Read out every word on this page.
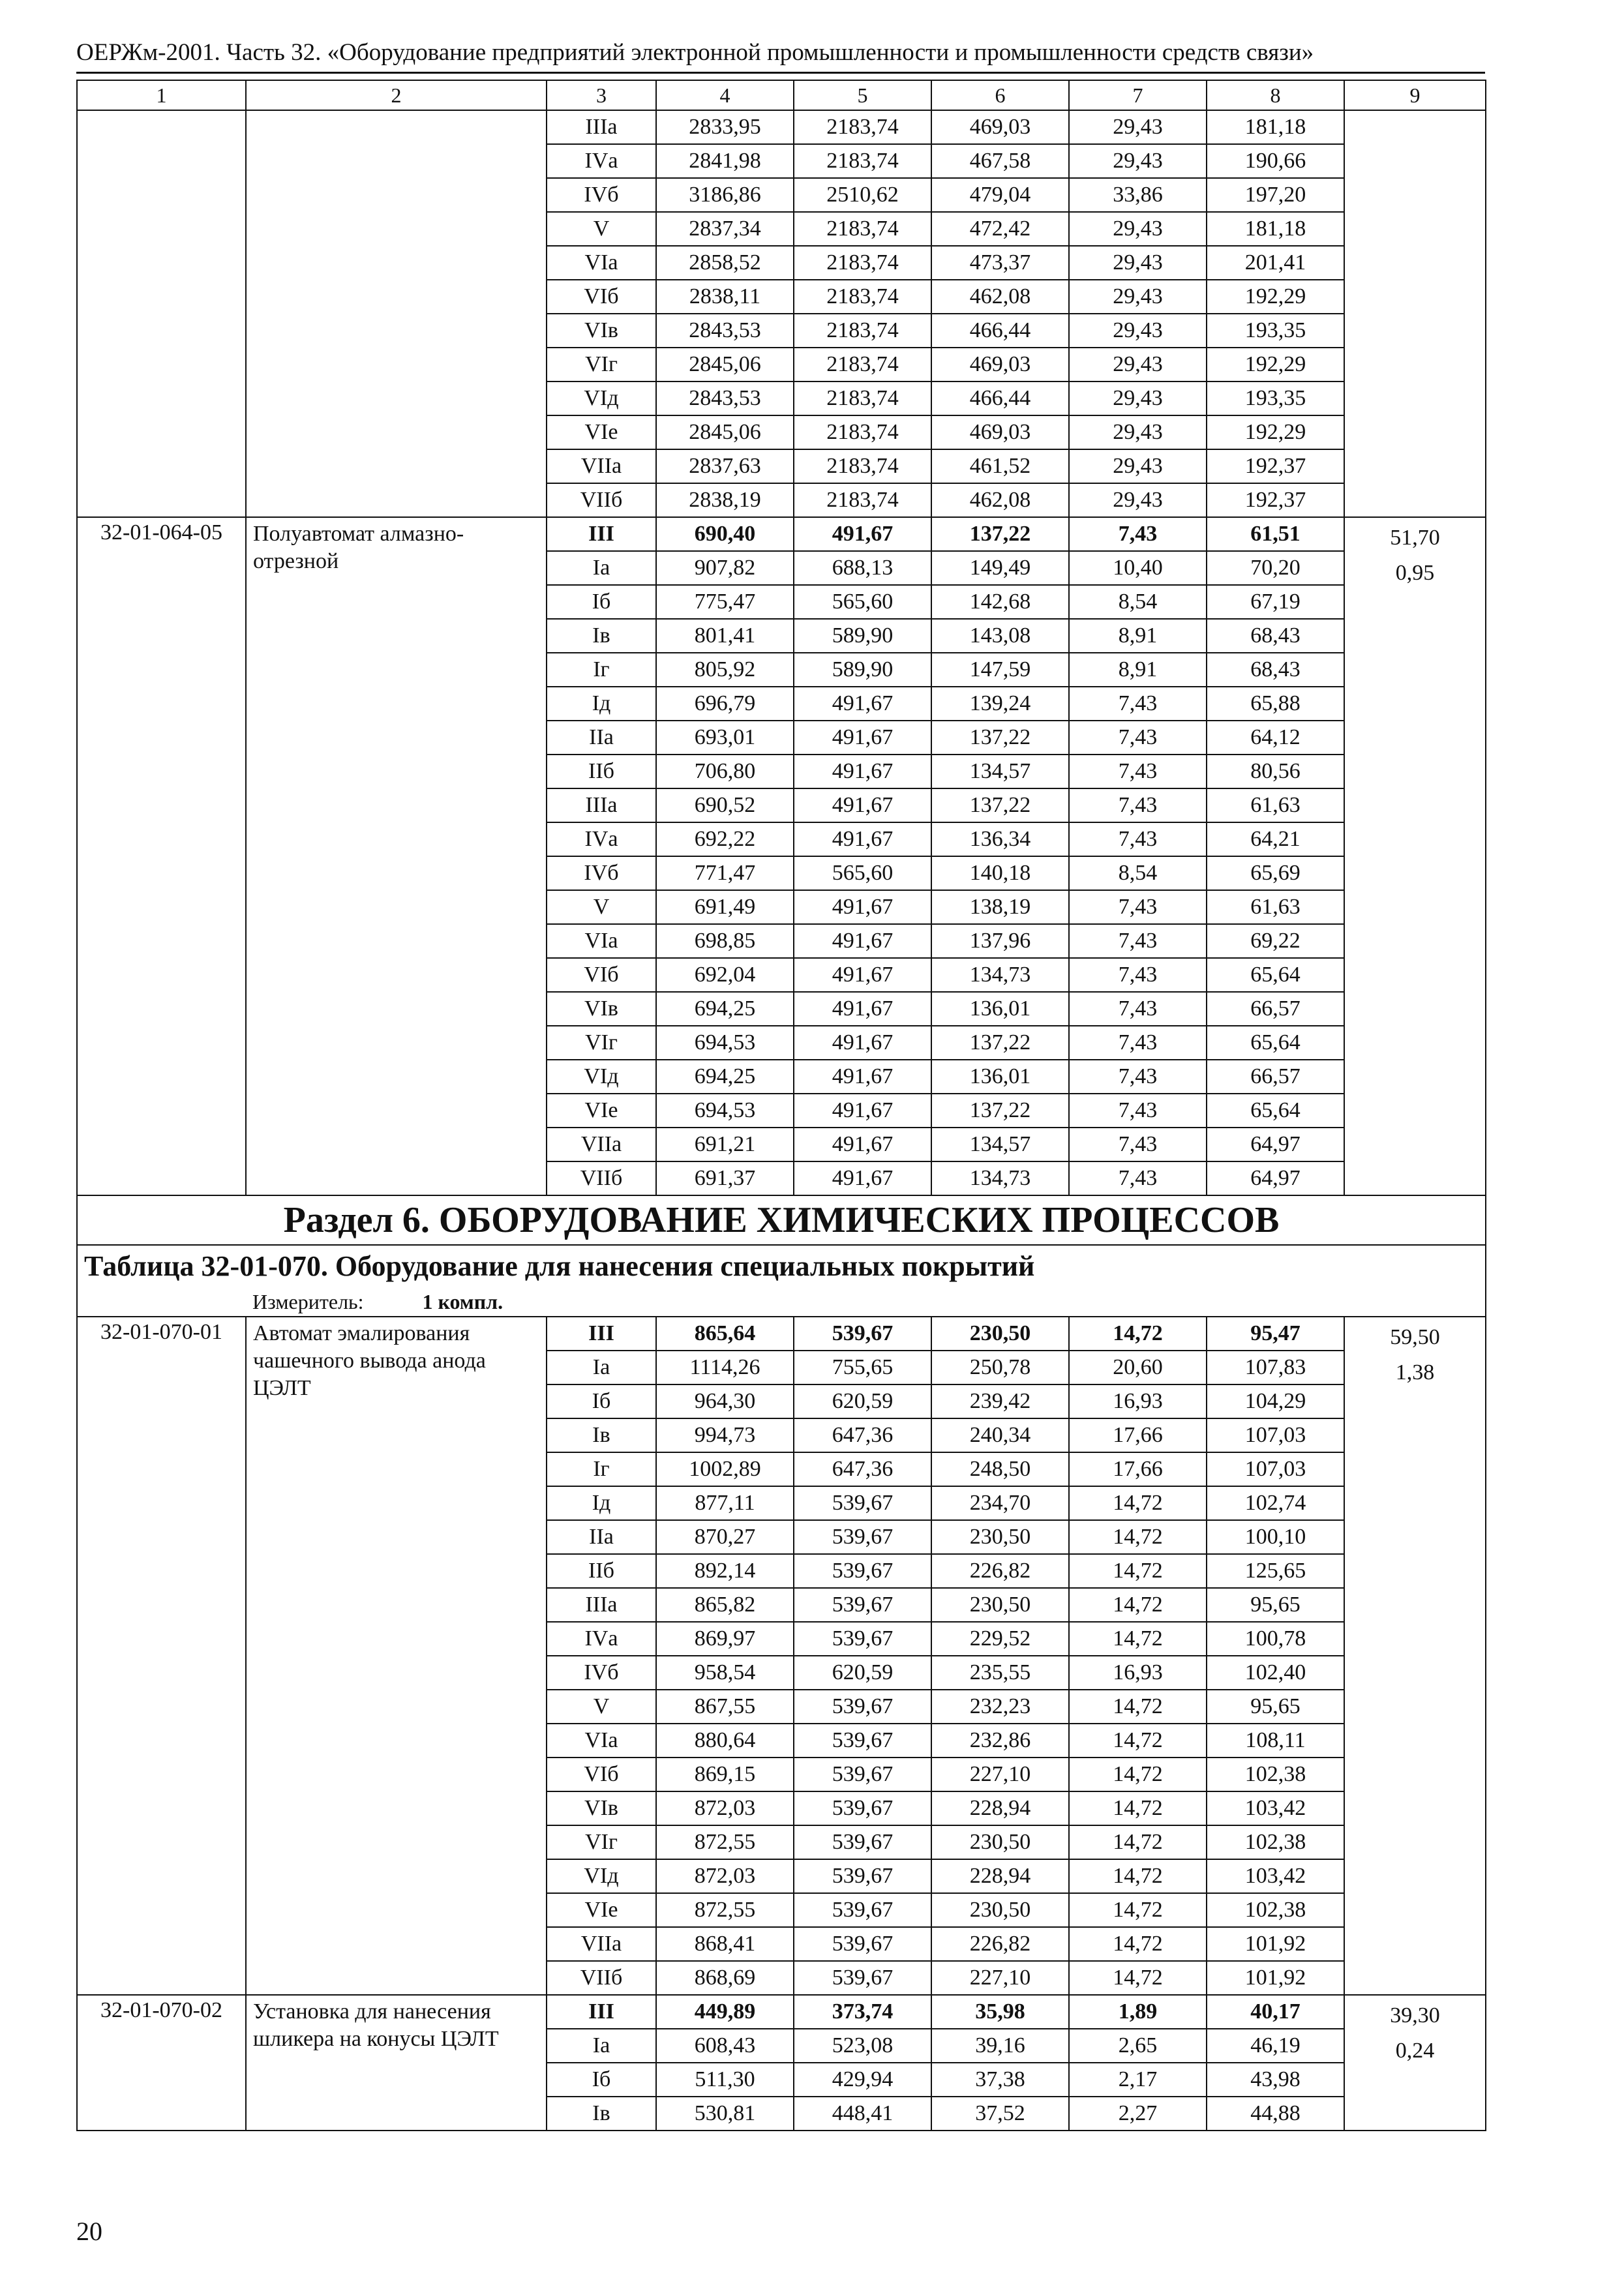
ОЕРЖм-2001. Часть 32. «Оборудование предприятий электронной промышленности и промышленности средств связи»
1	2	3	4	5	6	7	8	9
		IIIа	2833,95	2183,74	469,03	29,43	181,18	
		IVа	2841,98	2183,74	467,58	29,43	190,66	
		IVб	3186,86	2510,62	479,04	33,86	197,20	
		V	2837,34	2183,74	472,42	29,43	181,18	
		VIа	2858,52	2183,74	473,37	29,43	201,41	
		VIб	2838,11	2183,74	462,08	29,43	192,29	
		VIв	2843,53	2183,74	466,44	29,43	193,35	
		VIг	2845,06	2183,74	469,03	29,43	192,29	
		VIд	2843,53	2183,74	466,44	29,43	193,35	
		VIе	2845,06	2183,74	469,03	29,43	192,29	
		VIIа	2837,63	2183,74	461,52	29,43	192,37	
		VIIб	2838,19	2183,74	462,08	29,43	192,37	
32-01-064-05	Полуавтомат алмазно-отрезной	III	690,40	491,67	137,22	7,43	61,51	51,70
0,95

		Iа	907,82	688,13	149,49	10,40	70,20	
		Iб	775,47	565,60	142,68	8,54	67,19	
		Iв	801,41	589,90	143,08	8,91	68,43	
		Iг	805,92	589,90	147,59	8,91	68,43	
		Iд	696,79	491,67	139,24	7,43	65,88	
		IIа	693,01	491,67	137,22	7,43	64,12	
		IIб	706,80	491,67	134,57	7,43	80,56	
		IIIа	690,52	491,67	137,22	7,43	61,63	
		IVа	692,22	491,67	136,34	7,43	64,21	
		IVб	771,47	565,60	140,18	8,54	65,69	
		V	691,49	491,67	138,19	7,43	61,63	
		VIа	698,85	491,67	137,96	7,43	69,22	
		VIб	692,04	491,67	134,73	7,43	65,64	
		VIв	694,25	491,67	136,01	7,43	66,57	
		VIг	694,53	491,67	137,22	7,43	65,64	
		VIд	694,25	491,67	136,01	7,43	66,57	
		VIе	694,53	491,67	137,22	7,43	65,64	
		VIIа	691,21	491,67	134,57	7,43	64,97	
		VIIб	691,37	491,67	134,73	7,43	64,97	
Раздел 6. ОБОРУДОВАНИЕ ХИМИЧЕСКИХ ПРОЦЕССОВ								
Таблица 32-01-070. Оборудование для нанесения специальных покрытий								
Измеритель: 1 компл.								
32-01-070-01	Автомат эмалирования чашечного вывода анода ЦЭЛТ	III	865,64	539,67	230,50	14,72	95,47	59,50
1,38

		Iа	1114,26	755,65	250,78	20,60	107,83	
		Iб	964,30	620,59	239,42	16,93	104,29	
		Iв	994,73	647,36	240,34	17,66	107,03	
		Iг	1002,89	647,36	248,50	17,66	107,03	
		Iд	877,11	539,67	234,70	14,72	102,74	
		IIа	870,27	539,67	230,50	14,72	100,10	
		IIб	892,14	539,67	226,82	14,72	125,65	
		IIIа	865,82	539,67	230,50	14,72	95,65	
		IVа	869,97	539,67	229,52	14,72	100,78	
		IVб	958,54	620,59	235,55	16,93	102,40	
		V	867,55	539,67	232,23	14,72	95,65	
		VIа	880,64	539,67	232,86	14,72	108,11	
		VIб	869,15	539,67	227,10	14,72	102,38	
		VIв	872,03	539,67	228,94	14,72	103,42	
		VIг	872,55	539,67	230,50	14,72	102,38	
		VIд	872,03	539,67	228,94	14,72	103,42	
		VIе	872,55	539,67	230,50	14,72	102,38	
		VIIа	868,41	539,67	226,82	14,72	101,92	
		VIIб	868,69	539,67	227,10	14,72	101,92	
32-01-070-02	Установка для нанесения шликера на конусы ЦЭЛТ	III	449,89	373,74	35,98	1,89	40,17	39,30
0,24

		Iа	608,43	523,08	39,16	2,65	46,19	
		Iб	511,30	429,94	37,38	2,17	43,98	
		Iв	530,81	448,41	37,52	2,27	44,88	
20
